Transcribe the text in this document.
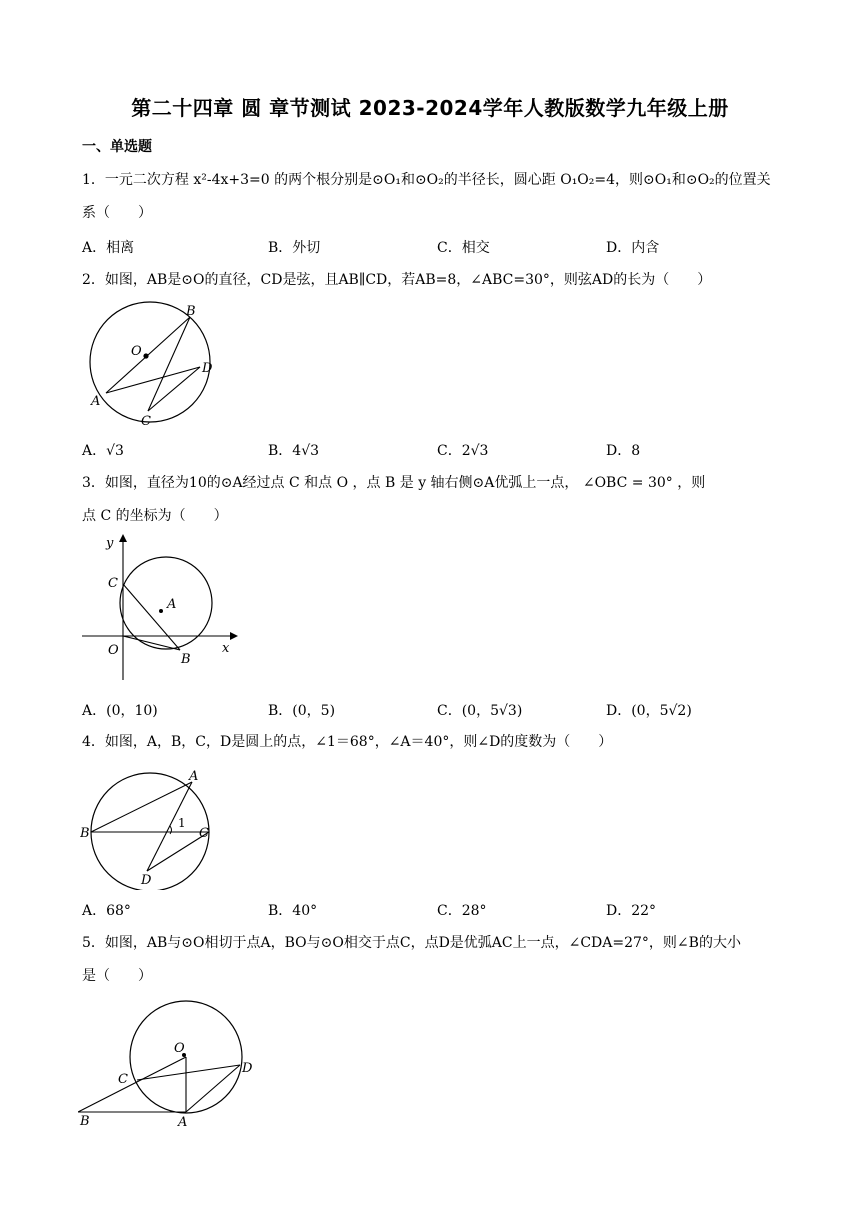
第二十四章 圆 章节测试 2023-2024学年人教版数学九年级上册
一、单选题
1．一元二次方程 x²-4x+3=0 的两个根分别是⊙O₁和⊙O₂的半径长，圆心距 O₁O₂=4，则⊙O₁和⊙O₂的位置关
系（　　）
A．相离	B．外切	C．相交	D．内含
2．如图，AB是⊙O的直径，CD是弦，且AB∥CD，若AB=8，∠ABC=30°，则弦AD的长为（　　）
B
O
D
A
C
A．√3	B．4√3	C．2√3	D．8
3．如图，直径为10的⊙A经过点 C 和点 O ，点 B 是 y 轴右侧⊙A优弧上一点， ∠OBC = 30° ，则
点 C 的坐标为（　　）
y
x
C
A
O
B
A．(0，10)	B．(0，5)	C．(0，5√3)	D．(0，5√2)
4．如图，A，B，C，D是圆上的点，∠1＝68°，∠A＝40°，则∠D的度数为（　　）
A
B	C
D
1
A．68°	B．40°	C．28°	D．22°
5．如图，AB与⊙O相切于点A，BO与⊙O相交于点C，点D是优弧AC上一点，∠CDA=27°，则∠B的大小
是（　　）
O
C
D
B	A
